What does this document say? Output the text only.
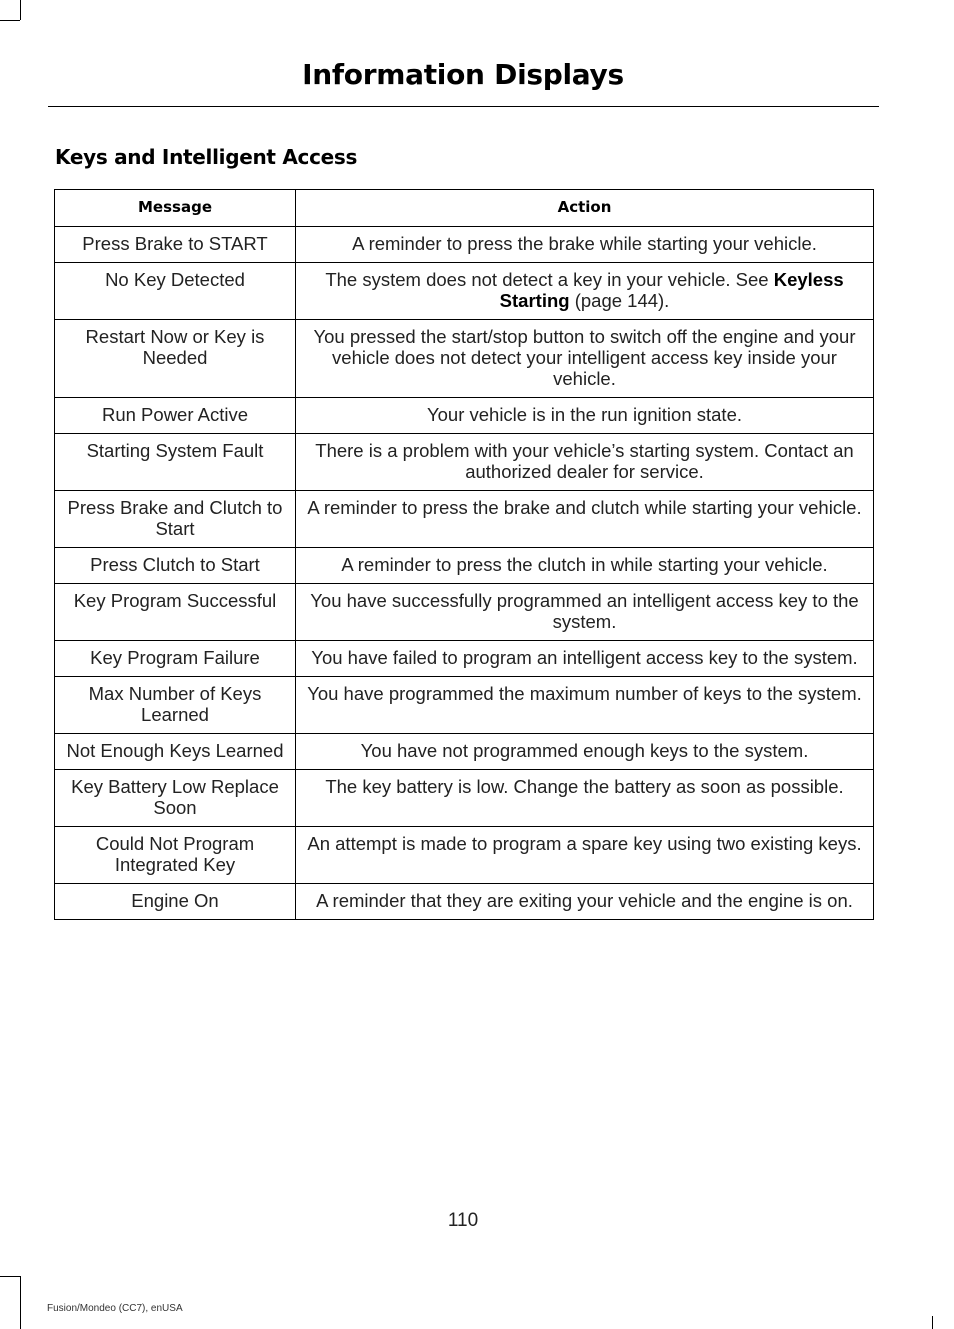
Information Displays
Keys and Intelligent Access
Message	Action
Press Brake to START	A reminder to press the brake while starting your vehicle.
No Key Detected	The system does not detect a key in your vehicle. See Keyless Starting (page 144).
Restart Now or Key is Needed	You pressed the start/stop button to switch off the engine and your vehicle does not detect your intelligent access key inside your vehicle.
Run Power Active	Your vehicle is in the run ignition state.
Starting System Fault	There is a problem with your vehicle’s starting system. Contact an authorized dealer for service.
Press Brake and Clutch to Start	A reminder to press the brake and clutch while starting your vehicle.
Press Clutch to Start	A reminder to press the clutch in while starting your vehicle.
Key Program Successful	You have successfully programmed an intelligent access key to the system.
Key Program Failure	You have failed to program an intelligent access key to the system.
Max Number of Keys Learned	You have programmed the maximum number of keys to the system.
Not Enough Keys Learned	You have not programmed enough keys to the system.
Key Battery Low Replace Soon	The key battery is low. Change the battery as soon as possible.
Could Not Program Integrated Key	An attempt is made to program a spare key using two existing keys.
Engine On	A reminder that they are exiting your vehicle and the engine is on.
110
Fusion/Mondeo (CC7), enUSA
